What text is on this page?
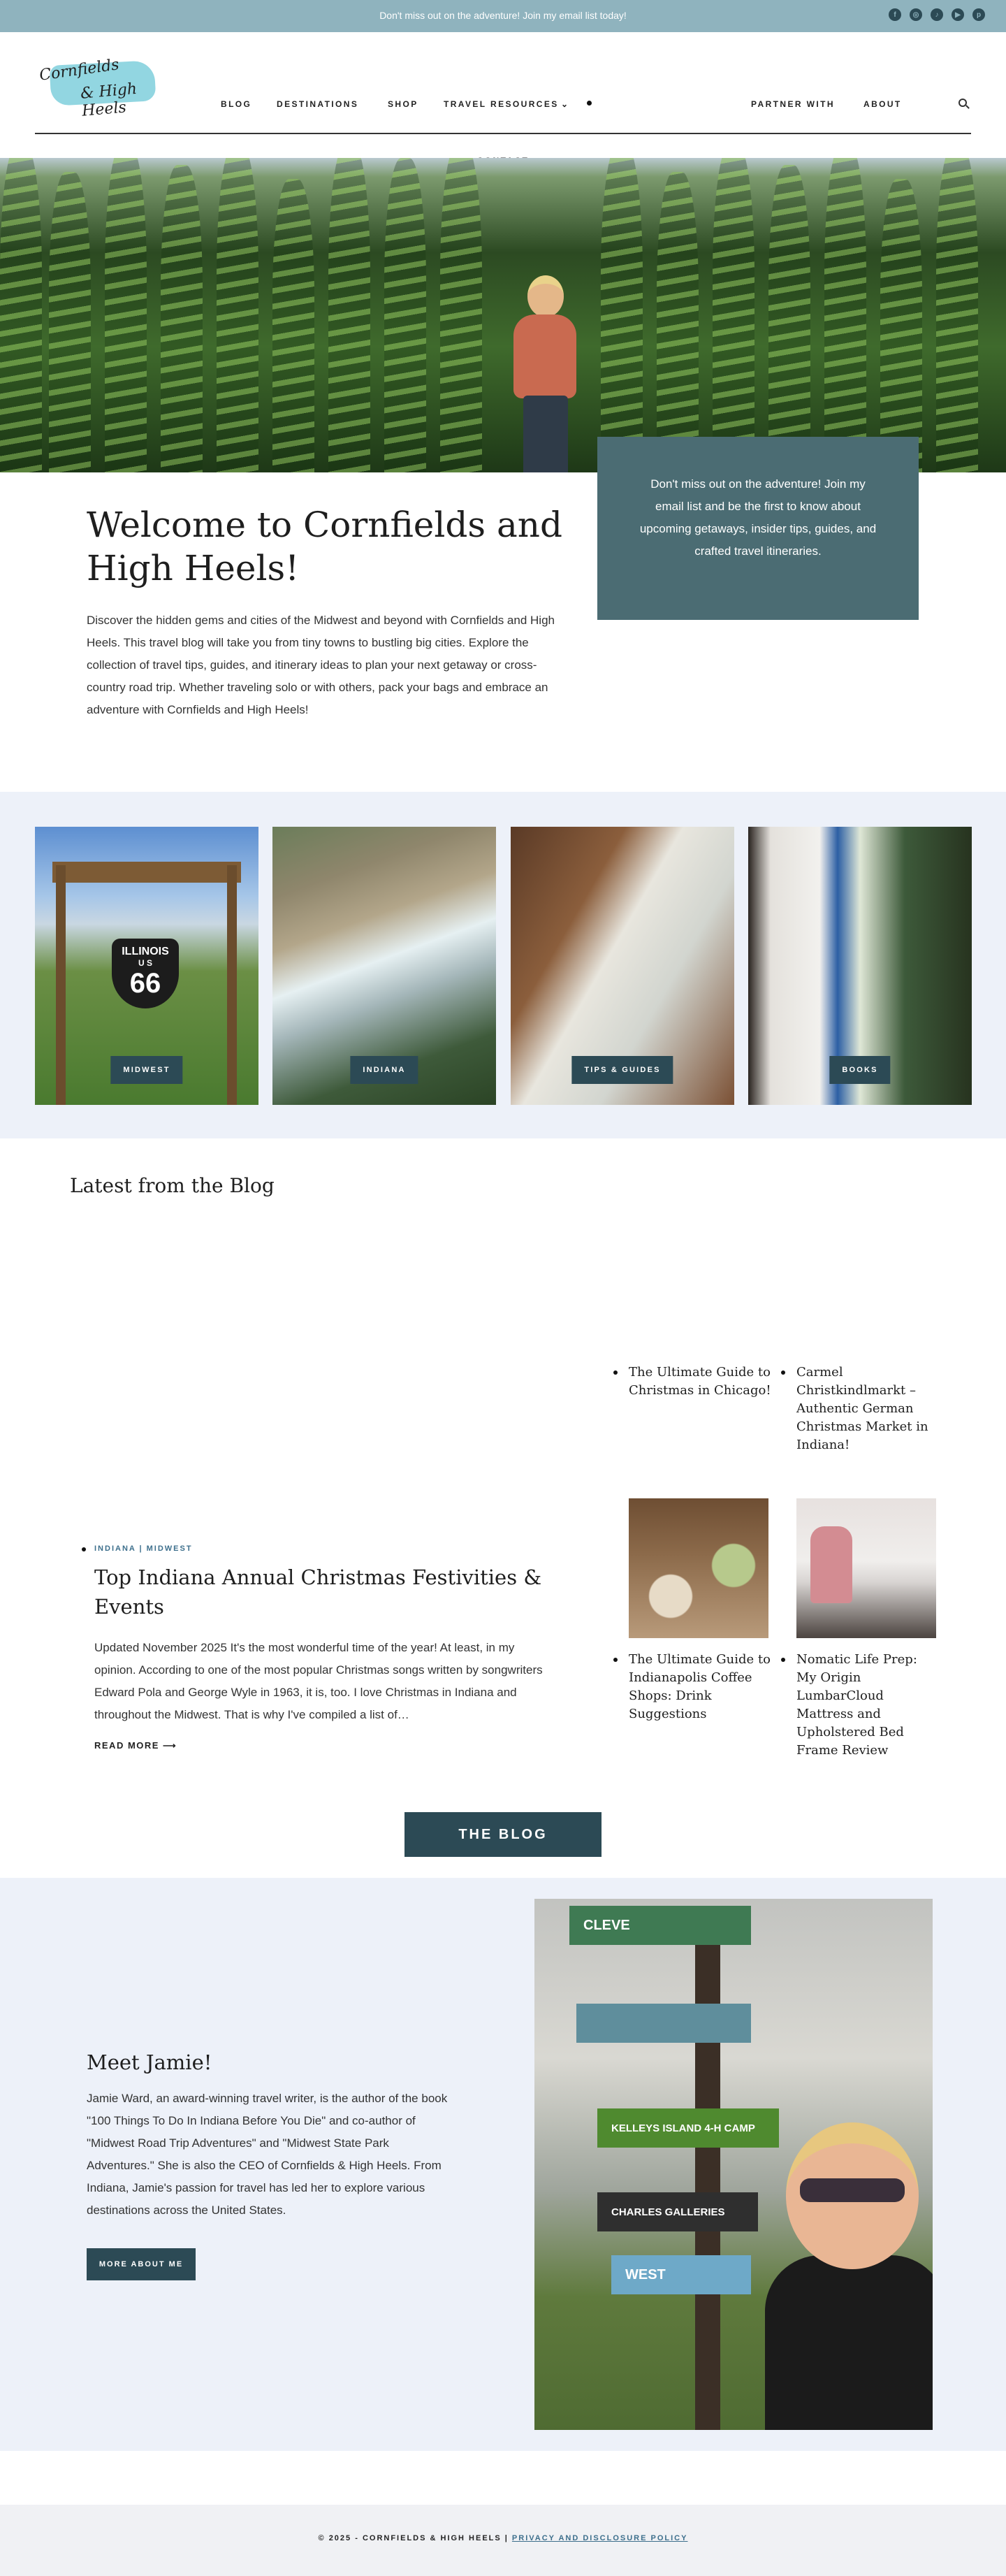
Don't miss out on the adventure! Join my email list today!	f	◎	♪	▶	p
Cornfields
& High Heels	BLOG	DESTINATIONS	SHOP	TRAVEL RESOURCES ⌄	PARTNER WITH	ABOUT
Don't miss out on the adventure! Join my email list and be the first to know about upcoming getaways, insider tips, guides, and crafted travel itineraries.
Welcome to Cornfields and High Heels!

Discover the hidden gems and cities of the Midwest and beyond with Cornfields and High Heels. This travel blog will take you from tiny towns to bustling big cities. Explore the collection of travel tips, guides, and itinerary ideas to plan your next getaway or cross-country road trip. Whether traveling solo or with others, pack your bags and embrace an adventure with Cornfields and High Heels!

ILLINOIS
U S
66
MIDWEST	INDIANA	TIPS & GUIDES	BOOKS
Latest from the Blog
The Ultimate Guide to Christmas in Chicago!
Carmel Christkindlmarkt – Authentic German Christmas Market in Indiana!
The Ultimate Guide to Indianapolis Coffee Shops: Drink Suggestions
Nomatic Life Prep: My Origin LumbarCloud Mattress and Upholstered Bed Frame Review
INDIANA | MIDWEST
Top Indiana Annual Christmas Festivities & Events

Updated November 2025 It's the most wonderful time of the year! At least, in my opinion. According to one of the most popular Christmas songs written by songwriters Edward Pola and George Wyle in 1963, it is, too. I love Christmas in Indiana and throughout the Midwest. That is why I've compiled a list of…

READ MORE ⟶
THE BLOG
Meet Jamie!

Jamie Ward, an award-winning travel writer, is the author of the book "100 Things To Do In Indiana Before You Die" and co-author of "Midwest Road Trip Adventures" and "Midwest State Park Adventures." She is also the CEO of Cornfields & High Heels. From Indiana, Jamie's passion for travel has led her to explore various destinations across the United States.

MORE ABOUT ME
CLEVE
KELLEYS ISLAND 4-H CAMP
CHARLES GALLERIES
WEST
© 2025 - CORNFIELDS & HIGH HEELS | PRIVACY AND DISCLOSURE POLICY
